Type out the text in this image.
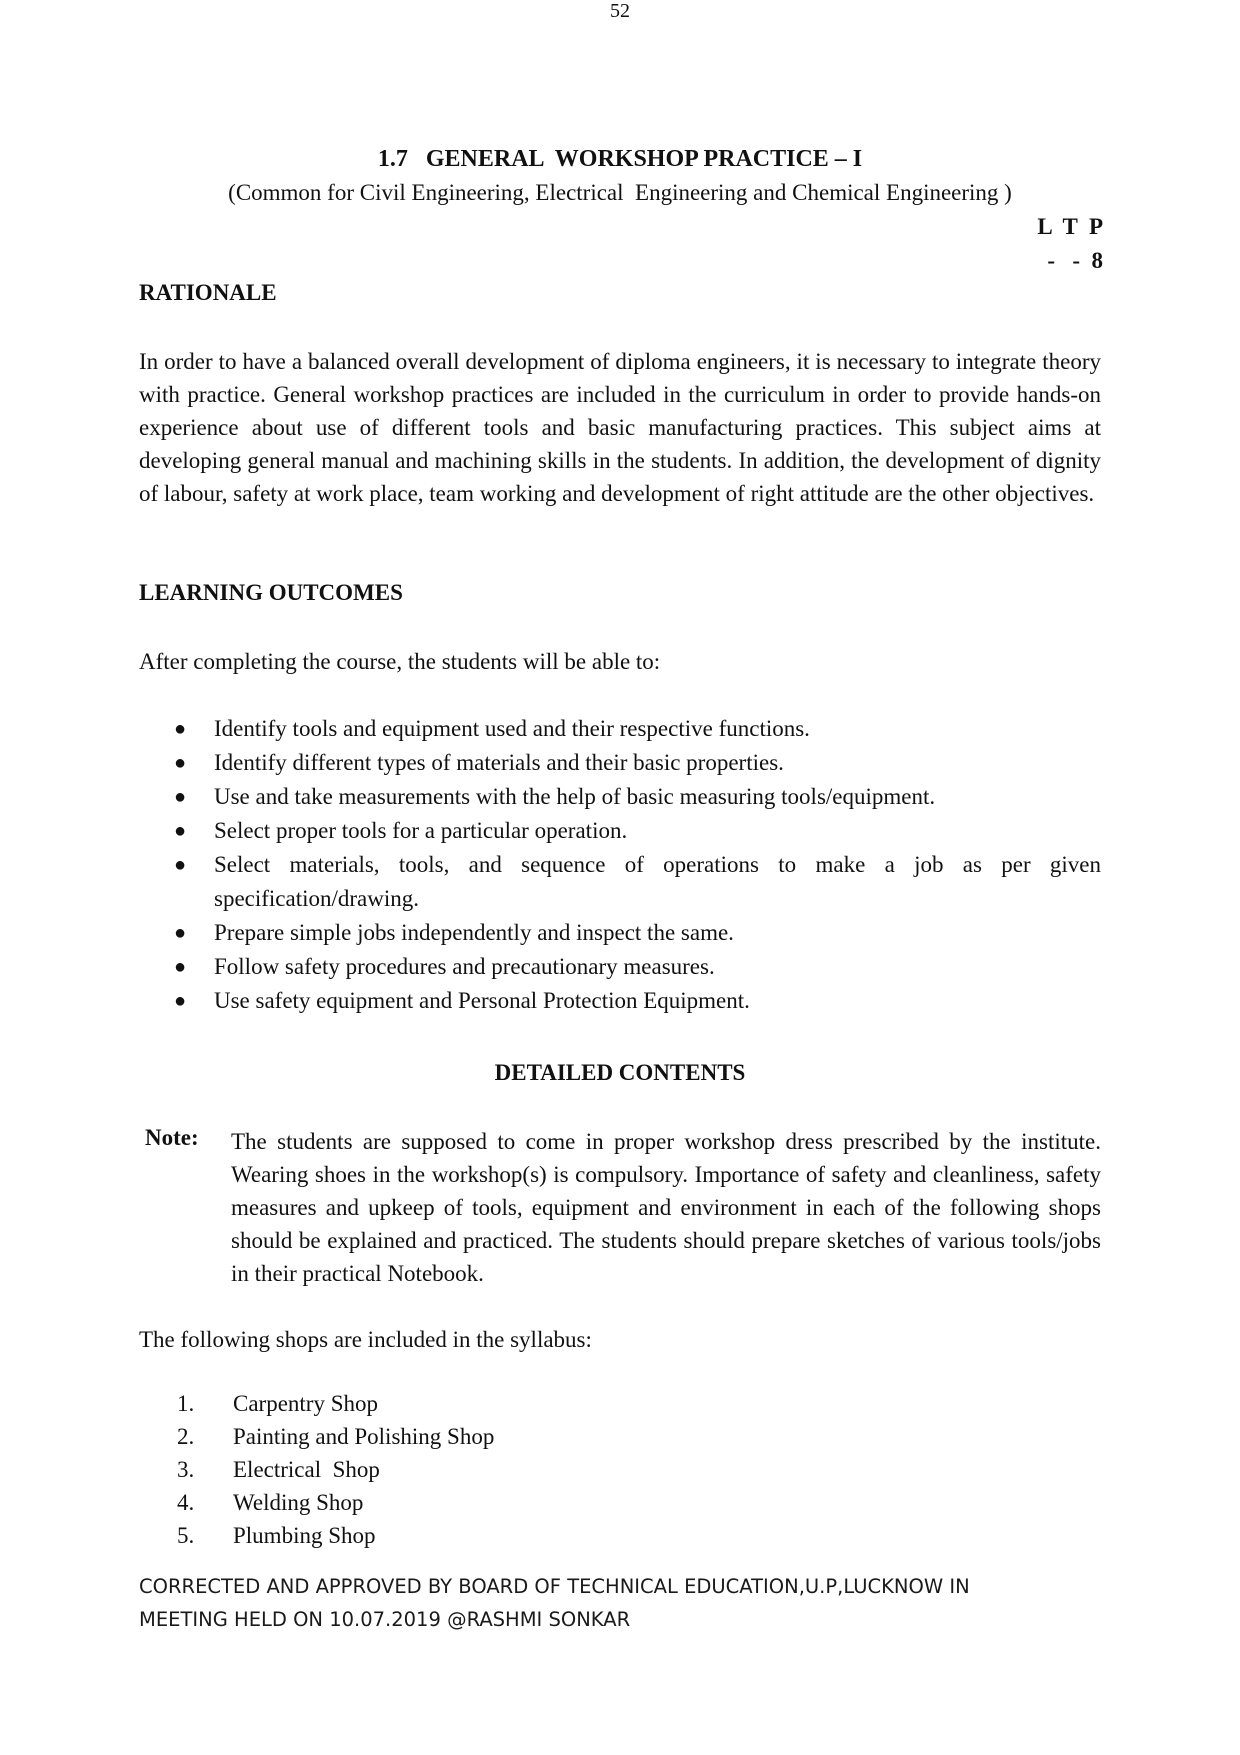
52
1.7   GENERAL  WORKSHOP PRACTICE – I
(Common for Civil Engineering, Electrical  Engineering and Chemical Engineering )
L  T  P
-   -  8
RATIONALE
In order to have a balanced overall development of diploma engineers, it is necessary to integrate theory with practice. General workshop practices are included in the curriculum in order to provide hands-on experience about use of different tools and basic manufacturing practices. This subject aims at developing general manual and machining skills in the students. In addition, the development of dignity of labour, safety at work place, team working and development of right attitude are the other objectives.
LEARNING OUTCOMES
After completing the course, the students will be able to:
● Identify tools and equipment used and their respective functions.
● Identify different types of materials and their basic properties.
● Use and take measurements with the help of basic measuring tools/equipment.
● Select proper tools for a particular operation.
● Select materials, tools, and sequence of operations to make a job as per given specification/drawing.
● Prepare simple jobs independently and inspect the same.
● Follow safety procedures and precautionary measures.
● Use safety equipment and Personal Protection Equipment.
DETAILED CONTENTS
Note: The students are supposed to come in proper workshop dress prescribed by the institute. Wearing shoes in the workshop(s) is compulsory. Importance of safety and cleanliness, safety measures and upkeep of tools, equipment and environment in each of the following shops should be explained and practiced. The students should prepare sketches of various tools/jobs in their practical Notebook.
The following shops are included in the syllabus:
1. Carpentry Shop
2. Painting and Polishing Shop
3. Electrical  Shop
4. Welding Shop
5. Plumbing Shop
CORRECTED AND APPROVED BY BOARD OF TECHNICAL EDUCATION,U.P,LUCKNOW IN
MEETING HELD ON 10.07.2019 @RASHMI SONKAR
